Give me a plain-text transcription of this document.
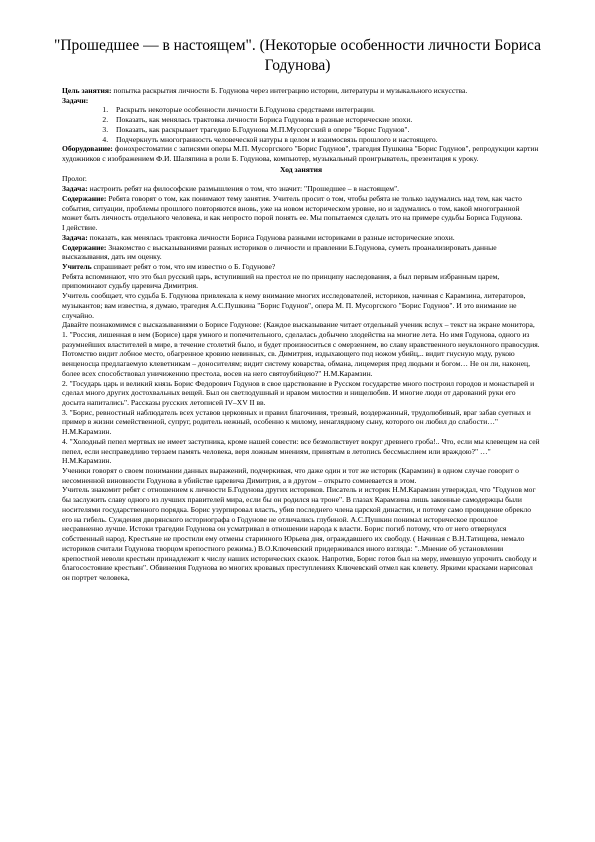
"Прошедшее — в настоящем". (Некоторые особенности личности Бориса Годунова)

Цель занятия: попытка раскрытия личности Б. Годунова через интеграцию истории, литературы и музыкального искусства.

Задачи:

1. Раскрыть некоторые особенности личности Б.Годунова средствами интеграции.
2. Показать, как менялась трактовка личности Бориса Годунова в разные исторические эпохи.
3. Показать, как раскрывает трагедию Б.Годунова М.П.Мусоргский в опере "Борис Годунов".
4. Подчеркнуть многогранность человеческой натуры в целом и взаимосвязь прошлого и настоящего.

Оборудование: фонохрестоматии с записями оперы М.П. Мусоргского "Борис Годунов", трагедия Пушкина "Борис Годунов", репродукции картин художников с изображением Ф.И. Шаляпина в роли Б. Годунова, компьютер, музыкальный проигрыватель, презентация к уроку.

Ход занятия

Пролог.

Задача: настроить ребят на философские размышления о том, что значит: "Прошедшее – в настоящем".

Содержание: Ребята говорят о том, как понимают тему занятия. Учитель просит о том, чтобы ребята не только задумались над тем, как часто события, ситуации, проблемы прошлого повторяются вновь, уже на новом историческом уровне, но и задумались о том, какой многогранной может быть личность отдельного человека, и как непросто порой понять ее. Мы попытаемся сделать это на примере судьбы Бориса Годунова.

I действие.

Задача: показать, как менялась трактовка личности Бориса Годунова разными историками в разные исторические эпохи.

Содержание: Знакомство с высказываниями разных историков о личности и правлении Б.Годунова, суметь проанализировать данные высказывания, дать им оценку.

Учитель спрашивает ребят о том, что им известно о Б. Годунове?

Ребята вспоминают, что это был русский царь, вступивший на престол не по принципу наследования, а был первым избранным царем, припоминают судьбу царевича Димитрия.

Учитель сообщает, что судьба Б. Годунова привлекала к нему внимание многих исследователей, историков, начиная с Карамзина, литераторов, музыкантов; вам известна, я думаю, трагедия А.С.Пушкина "Борис Годунов", опера М. П. Мусоргского "Борис Годунов". И это внимание не случайно.

Давайте познакомимся с высказываниями о Борисе Годунове: (Каждое высказывание читает отдельный ученик вслух – текст на экране монитора,

1. "Россия, лишенная в нем (Борисе) царя умного и попечительного, сделалась добычею злодейства на многие лета. Но имя Годунова, одного из разумнейших властителей в мире, в течение столетий было, и будет произноситься с омерзением, во славу нравственного неуклонного правосудия. Потомство видит лобное место, обагренное кровию невинных, св. Димитрия, издыхающего под ножом убийц,.. видит гнусную мзду, рукою венценосца предлагаемую клеветникам – доносителям; видит систему коварства, обмана, лицемерия пред людьми и богом… Не он ли, наконец, более всех способствовал уничижению престола, восев на него святоубийцею?" Н.М.Карамзин.

2. "Государь царь и великий князь Борис Федорович Годунов в свое царствование в Русском государстве много построил городов и монастырей и сделал много других достохвальных вещей. Был он светлодушный и нравом милостив и нищелюбив. И многие люди от дарований руки его досыта напитались". Рассказы русских летописей IV–XV II вв.

3. "Борис, ревностный наблюдатель всех уставов церковных и правил благочиния, трезвый, воздержанный, трудолюбивый, враг забав суетных и пример в жизни семейственной, супруг, родитель нежный, особенно к милому, ненаглядному сыну, которого он любил до слабости…" Н.М.Карамзин.

4. "Холодный пепел мертвых не имеет заступника, кроме нашей совести: все безмолвствует вокруг древнего гроба!.. Что, если мы клевещем на сей пепел, если несправедливо терзаем память человека, веря ложным мнениям, принятым в летопись бессмыслием или враждою?" …" Н.М.Карамзин.

Ученики говорят о своем понимании данных выражений, подчеркивая, что даже один и тот же историк (Карамзин) в одном случае говорит о несомненной виновности Годунова в убийстве царевича Димитрия, а в другом – открыто сомневается в этом.

Учитель знакомит ребят с отношением к личности Б.Годунова других историков. Писатель и историк Н.М.Карамзин утверждал, что "Годунов мог бы заслужить славу одного из лучших правителей мира, если бы он родился на троне". В глазах Карамзина лишь законные самодержцы были носителями государственного порядка. Борис узурпировал власть, убив последнего члена царской династии, и потому само провидение обрекло его на гибель. Суждения дворянского историографа о Годунове не отличались глубиной. А.С.Пушкин понимал историческое прошлое несравненно лучше. Истоки трагедии Годунова он усматривал в отношении народа к власти. Борис погиб потому, что от него отвернулся собственный народ. Крестьяне не простили ему отмены старинного Юрьева дня, ограждавшего их свободу. ( Начиная с В.Н.Татищева, немало историков считали Годунова творцом крепостного режима.) В.О.Ключевский придерживался иного взгляда: "..Мнение об установлении крепостной неволи крестьян принадлежит к числу наших исторических сказок. Напротив, Борис готов был на меру, имевшую упрочить свободу и благосостояние крестьян". Обвинения Годунова во многих кровавых преступлениях Ключевский отмел как клевету. Яркими красками нарисовал он портрет человека,
